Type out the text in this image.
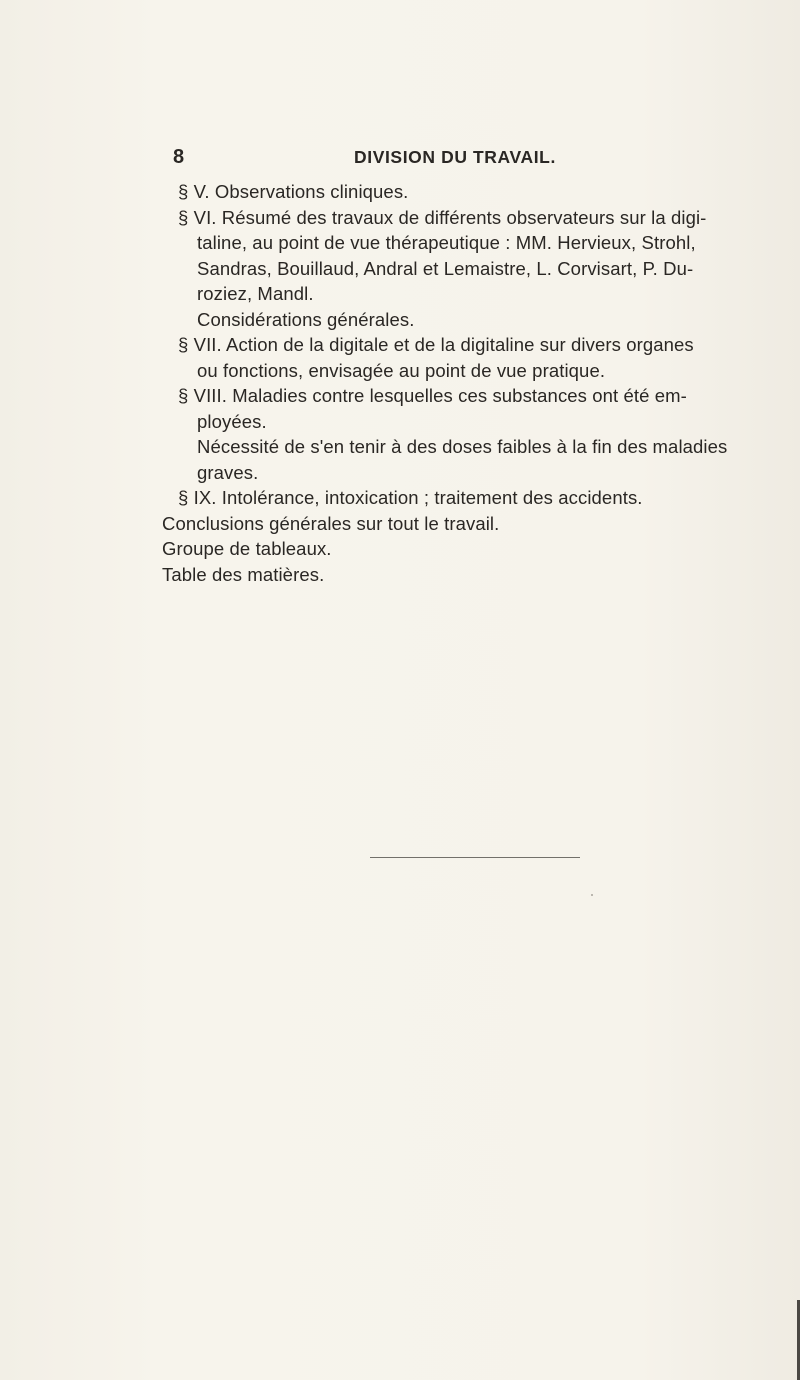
8	DIVISION DU TRAVAIL.
§ V. Observations cliniques.
§ VI. Résumé des travaux de différents observateurs sur la digi-
taline, au point de vue thérapeutique : MM. Hervieux, Strohl,
Sandras, Bouillaud, Andral et Lemaistre, L. Corvisart, P. Du-
roziez, Mandl.
Considérations générales.
§ VII. Action de la digitale et de la digitaline sur divers organes
ou fonctions, envisagée au point de vue pratique.
§ VIII. Maladies contre lesquelles ces substances ont été em-
ployées.
Nécessité de s'en tenir à des doses faibles à la fin des maladies
graves.
§ IX. Intolérance, intoxication ; traitement des accidents.
Conclusions générales sur tout le travail.
Groupe de tableaux.
Table des matières.
